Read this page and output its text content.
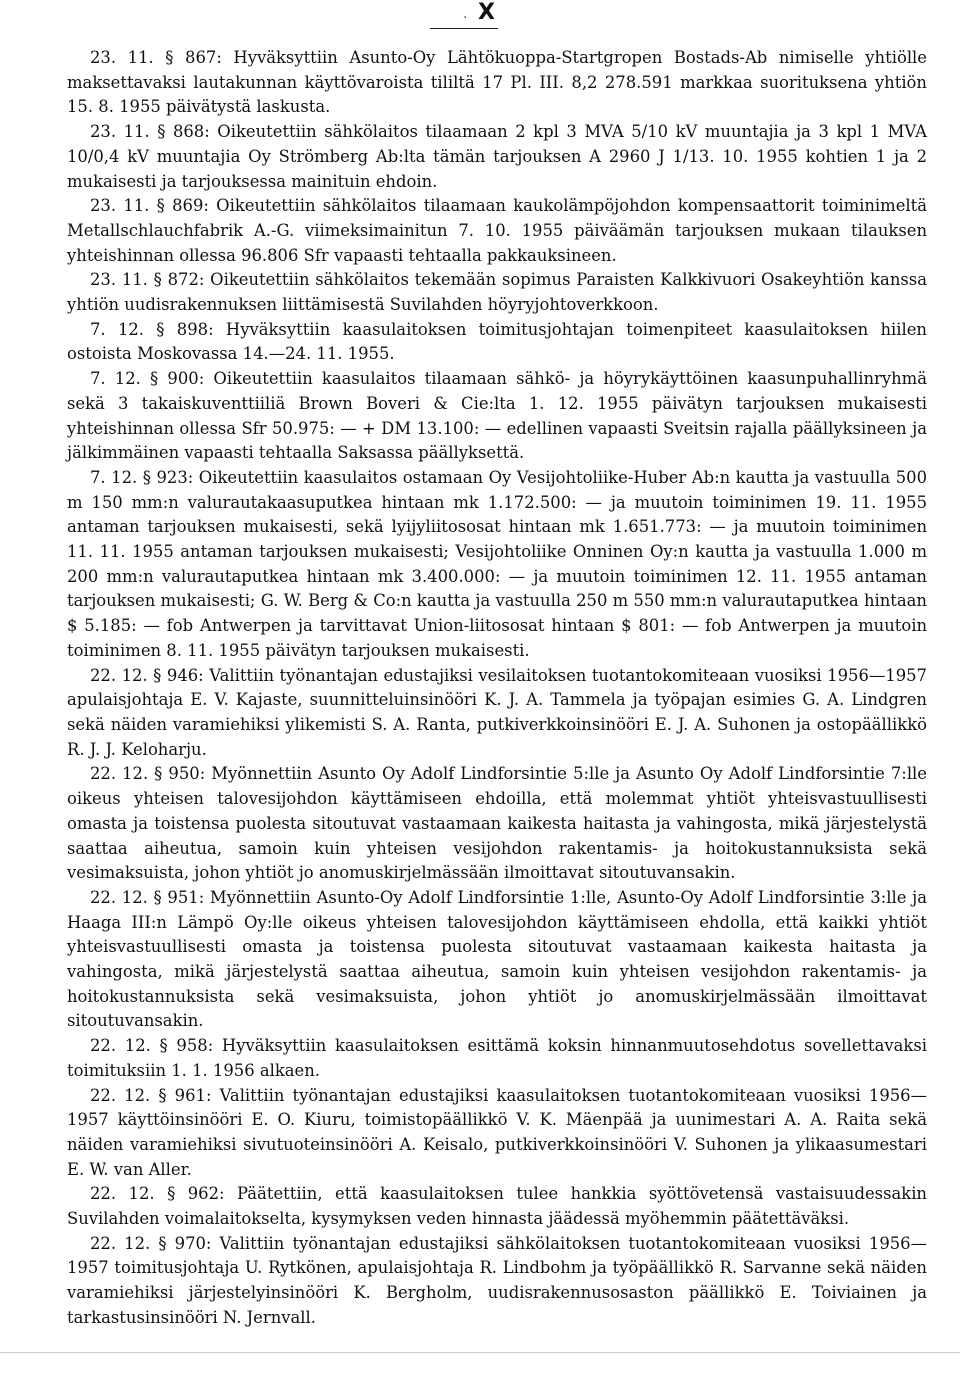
. X

23. 11. § 867: Hyväksyttiin Asunto-Oy Lähtökuoppa-Startgropen Bostads-Ab nimiselle yhtiölle maksettavaksi lautakunnan käyttövaroista tililtä 17 Pl. III. 8,2 278.591 markkaa suorituksena yhtiön 15. 8. 1955 päivätystä laskusta.

23. 11. § 868: Oikeutettiin sähkölaitos tilaamaan 2 kpl 3 MVA 5/10 kV muuntajia ja 3 kpl 1 MVA 10/0,4 kV muuntajia Oy Strömberg Ab:lta tämän tarjouksen A 2960 J 1/13. 10. 1955 kohtien 1 ja 2 mukaisesti ja tarjouksessa mainituin ehdoin.

23. 11. § 869: Oikeutettiin sähkölaitos tilaamaan kaukolämpöjohdon kompensaattorit toiminimeltä Metallschlauchfabrik A.-G. viimeksimainitun 7. 10. 1955 päiväämän tarjouksen mukaan tilauksen yhteishinnan ollessa 96.806 Sfr vapaasti tehtaalla pakkauksineen.

23. 11. § 872: Oikeutettiin sähkölaitos tekemään sopimus Paraisten Kalkkivuori Osakeyhtiön kanssa yhtiön uudisrakennuksen liittämisestä Suvilahden höyryjohtoverkkoon.

7. 12. § 898: Hyväksyttiin kaasulaitoksen toimitusjohtajan toimenpiteet kaasulaitoksen hiilen ostoista Moskovassa 14.—24. 11. 1955.

7. 12. § 900: Oikeutettiin kaasulaitos tilaamaan sähkö- ja höyrykäyttöinen kaasunpuhallinryhmä sekä 3 takaiskuventtiiliä Brown Boveri & Cie:lta 1. 12. 1955 päivätyn tarjouksen mukaisesti yhteishinnan ollessa Sfr 50.975: — + DM 13.100: — edellinen vapaasti Sveitsin rajalla päällyksineen ja jälkimmäinen vapaasti tehtaalla Saksassa päällyksettä.

7. 12. § 923: Oikeutettiin kaasulaitos ostamaan Oy Vesijohtoliike-Huber Ab:n kautta ja vastuulla 500 m 150 mm:n valurautakaasuputkea hintaan mk 1.172.500: — ja muutoin toiminimen 19. 11. 1955 antaman tarjouksen mukaisesti, sekä lyijyliitososat hintaan mk 1.651.773: — ja muutoin toiminimen 11. 11. 1955 antaman tarjouksen mukaisesti; Vesijohtoliike Onninen Oy:n kautta ja vastuulla 1.000 m 200 mm:n valurautaputkea hintaan mk 3.400.000: — ja muutoin toiminimen 12. 11. 1955 antaman tarjouksen mukaisesti; G. W. Berg & Co:n kautta ja vastuulla 250 m 550 mm:n valurautaputkea hintaan $ 5.185: — fob Antwerpen ja tarvittavat Union-liitososat hintaan $ 801: — fob Antwerpen ja muutoin toiminimen 8. 11. 1955 päivätyn tarjouksen mukaisesti.

22. 12. § 946: Valittiin työnantajan edustajiksi vesilaitoksen tuotantokomiteaan vuosiksi 1956—1957 apulaisjohtaja E. V. Kajaste, suunnitteluinsinööri K. J. A. Tammela ja työpajan esimies G. A. Lindgren sekä näiden varamiehiksi ylikemisti S. A. Ranta, putkiverkkoinsinööri E. J. A. Suhonen ja ostopäällikkö R. J. J. Keloharju.

22. 12. § 950: Myönnettiin Asunto Oy Adolf Lindforsintie 5:lle ja Asunto Oy Adolf Lindforsintie 7:lle oikeus yhteisen talovesijohdon käyttämiseen ehdoilla, että molemmat yhtiöt yhteisvastuullisesti omasta ja toistensa puolesta sitoutuvat vastaamaan kaikesta haitasta ja vahingosta, mikä järjestelystä saattaa aiheutua, samoin kuin yhteisen vesijohdon rakentamis- ja hoitokustannuksista sekä vesimaksuista, johon yhtiöt jo anomuskirjelmässään ilmoittavat sitoutuvansakin.

22. 12. § 951: Myönnettiin Asunto-Oy Adolf Lindforsintie 1:lle, Asunto-Oy Adolf Lindforsintie 3:lle ja Haaga III:n Lämpö Oy:lle oikeus yhteisen talovesijohdon käyttämiseen ehdolla, että kaikki yhtiöt yhteisvastuullisesti omasta ja toistensa puolesta sitoutuvat vastaamaan kaikesta haitasta ja vahingosta, mikä järjestelystä saattaa aiheutua, samoin kuin yhteisen vesijohdon rakentamis- ja hoitokustannuksista sekä vesimaksuista, johon yhtiöt jo anomuskirjelmässään ilmoittavat sitoutuvansakin.

22. 12. § 958: Hyväksyttiin kaasulaitoksen esittämä koksin hinnanmuutosehdotus sovellettavaksi toimituksiin 1. 1. 1956 alkaen.

22. 12. § 961: Valittiin työnantajan edustajiksi kaasulaitoksen tuotantokomiteaan vuosiksi 1956—1957 käyttöinsinööri E. O. Kiuru, toimistopäällikkö V. K. Mäenpää ja uunimestari A. A. Raita sekä näiden varamiehiksi sivutuoteinsinööri A. Keisalo, putkiverkkoinsinööri V. Suhonen ja ylikaasumestari E. W. van Aller.

22. 12. § 962: Päätettiin, että kaasulaitoksen tulee hankkia syöttövetensä vastaisuudessakin Suvilahden voimalaitokselta, kysymyksen veden hinnasta jäädessä myöhemmin päätettäväksi.

22. 12. § 970: Valittiin työnantajan edustajiksi sähkölaitoksen tuotantokomiteaan vuosiksi 1956—1957 toimitusjohtaja U. Rytkönen, apulaisjohtaja R. Lindbohm ja työpäällikkö R. Sarvanne sekä näiden varamiehiksi järjestelyinsinööri K. Bergholm, uudisrakennusosaston päällikkö E. Toiviainen ja tarkastusinsinööri N. Jernvall.
